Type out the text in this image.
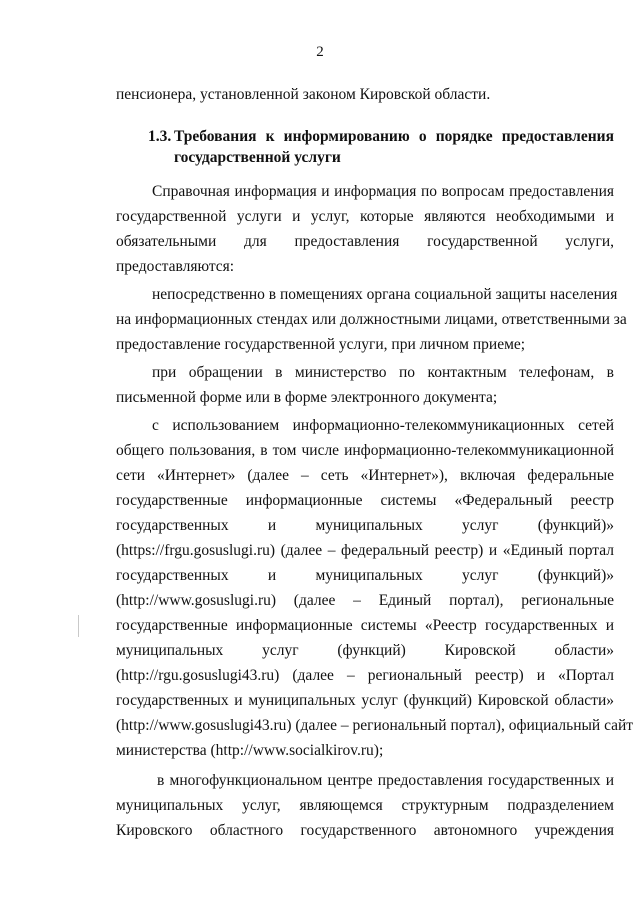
2
пенсионера, установленной законом Кировской области.
1.3. Требования к информированию о порядке предоставления
государственной услуги
Справочная информация и информация по вопросам предоставления
государственной услуги и услуг, которые являются необходимыми и
обязательными для предоставления государственной услуги,
предоставляются:
непосредственно в помещениях органа социальной защиты населения
на информационных стендах или должностными лицами, ответственными за
предоставление государственной услуги, при личном приеме;
при обращении в министерство по контактным телефонам, в
письменной форме или в форме электронного документа;
с использованием информационно-телекоммуникационных сетей
общего пользования, в том числе информационно-телекоммуникационной
сети «Интернет» (далее – сеть «Интернет»), включая федеральные
государственные информационные системы «Федеральный реестр
государственных и муниципальных услуг (функций)»
(https://frgu.gosuslugi.ru) (далее – федеральный реестр) и «Единый портал
государственных и муниципальных услуг (функций)»
(http://www.gosuslugi.ru) (далее – Единый портал), региональные
государственные информационные системы «Реестр государственных и
муниципальных услуг (функций) Кировской области»
(http://rgu.gosuslugi43.ru) (далее – региональный реестр) и «Портал
государственных и муниципальных услуг (функций) Кировской области»
(http://www.gosuslugi43.ru) (далее – региональный портал), официальный сайт
министерства (http://www.socialkirov.ru);
в многофункциональном центре предоставления государственных и
муниципальных услуг, являющемся структурным подразделением
Кировского областного государственного автономного учреждения
